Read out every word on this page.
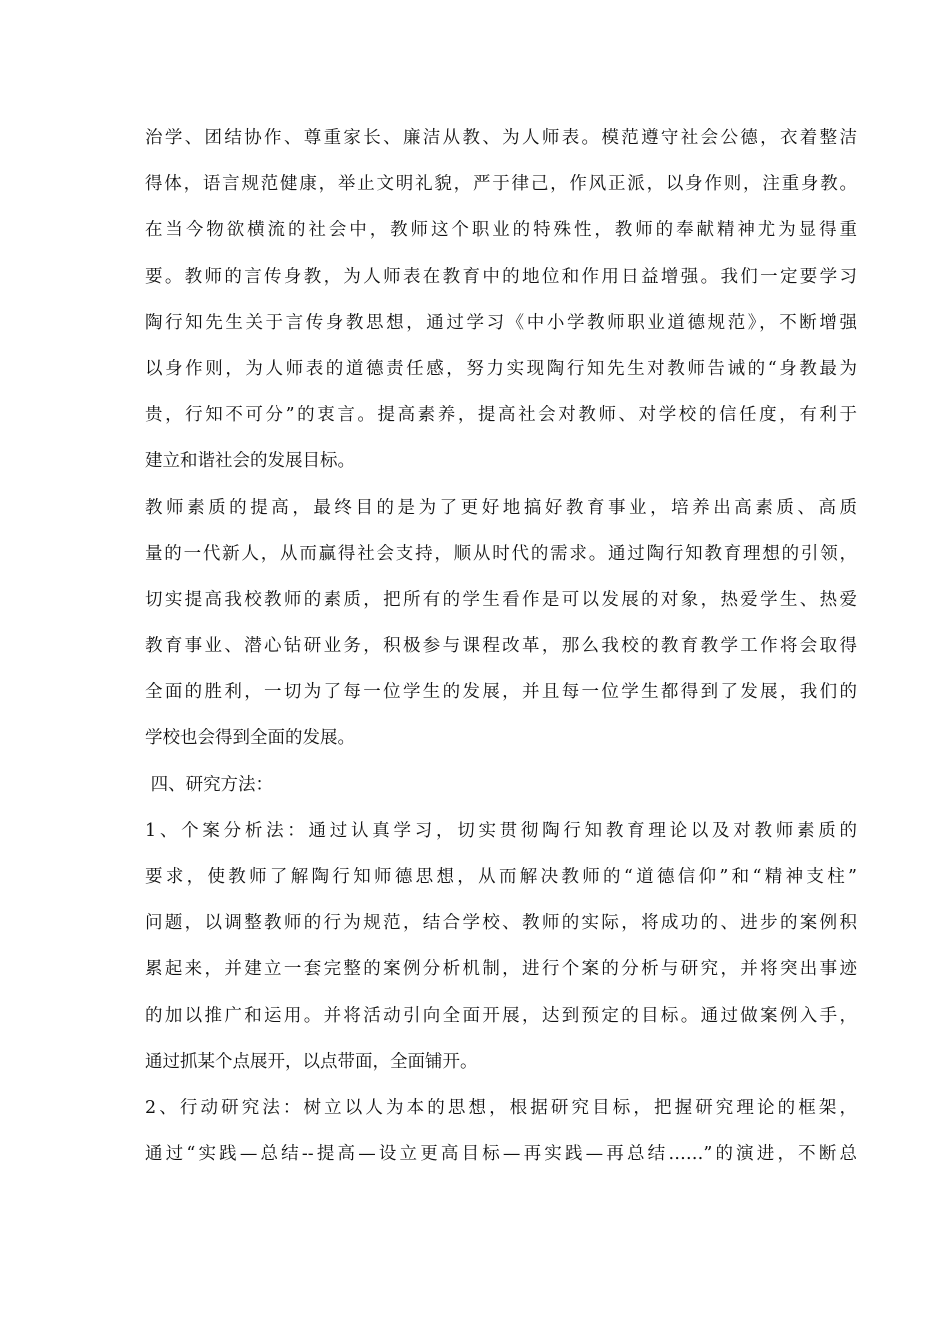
治学、团结协作、尊重家长、廉洁从教、为人师表。模范遵守社会公德，衣着整洁
得体，语言规范健康，举止文明礼貌，严于律己，作风正派，以身作则，注重身教。
在当今物欲横流的社会中，教师这个职业的特殊性，教师的奉献精神尤为显得重
要。教师的言传身教，为人师表在教育中的地位和作用日益增强。我们一定要学习
陶行知先生关于言传身教思想，通过学习《中小学教师职业道德规范》，不断增强
以身作则，为人师表的道德责任感，努力实现陶行知先生对教师告诫的“身教最为
贵，行知不可分”的衷言。提高素养，提高社会对教师、对学校的信任度，有利于
建立和谐社会的发展目标。
教师素质的提高，最终目的是为了更好地搞好教育事业，培养出高素质、高质
量的一代新人，从而赢得社会支持，顺从时代的需求。通过陶行知教育理想的引领，
切实提高我校教师的素质，把所有的学生看作是可以发展的对象，热爱学生、热爱
教育事业、潜心钻研业务，积极参与课程改革，那么我校的教育教学工作将会取得
全面的胜利，一切为了每一位学生的发展，并且每一位学生都得到了发展，我们的
学校也会得到全面的发展。
四、研究方法：
1、个案分析法：通过认真学习，切实贯彻陶行知教育理论以及对教师素质的
要求，使教师了解陶行知师德思想，从而解决教师的“道德信仰”和“精神支柱”
问题，以调整教师的行为规范，结合学校、教师的实际，将成功的、进步的案例积
累起来，并建立一套完整的案例分析机制，进行个案的分析与研究，并将突出事迹
的加以推广和运用。并将活动引向全面开展，达到预定的目标。通过做案例入手，
通过抓某个点展开，以点带面，全面铺开。
2、行动研究法：树立以人为本的思想，根据研究目标，把握研究理论的框架，
通过“实践—总结--提高—设立更高目标—再实践—再总结……”的演进，不断总
